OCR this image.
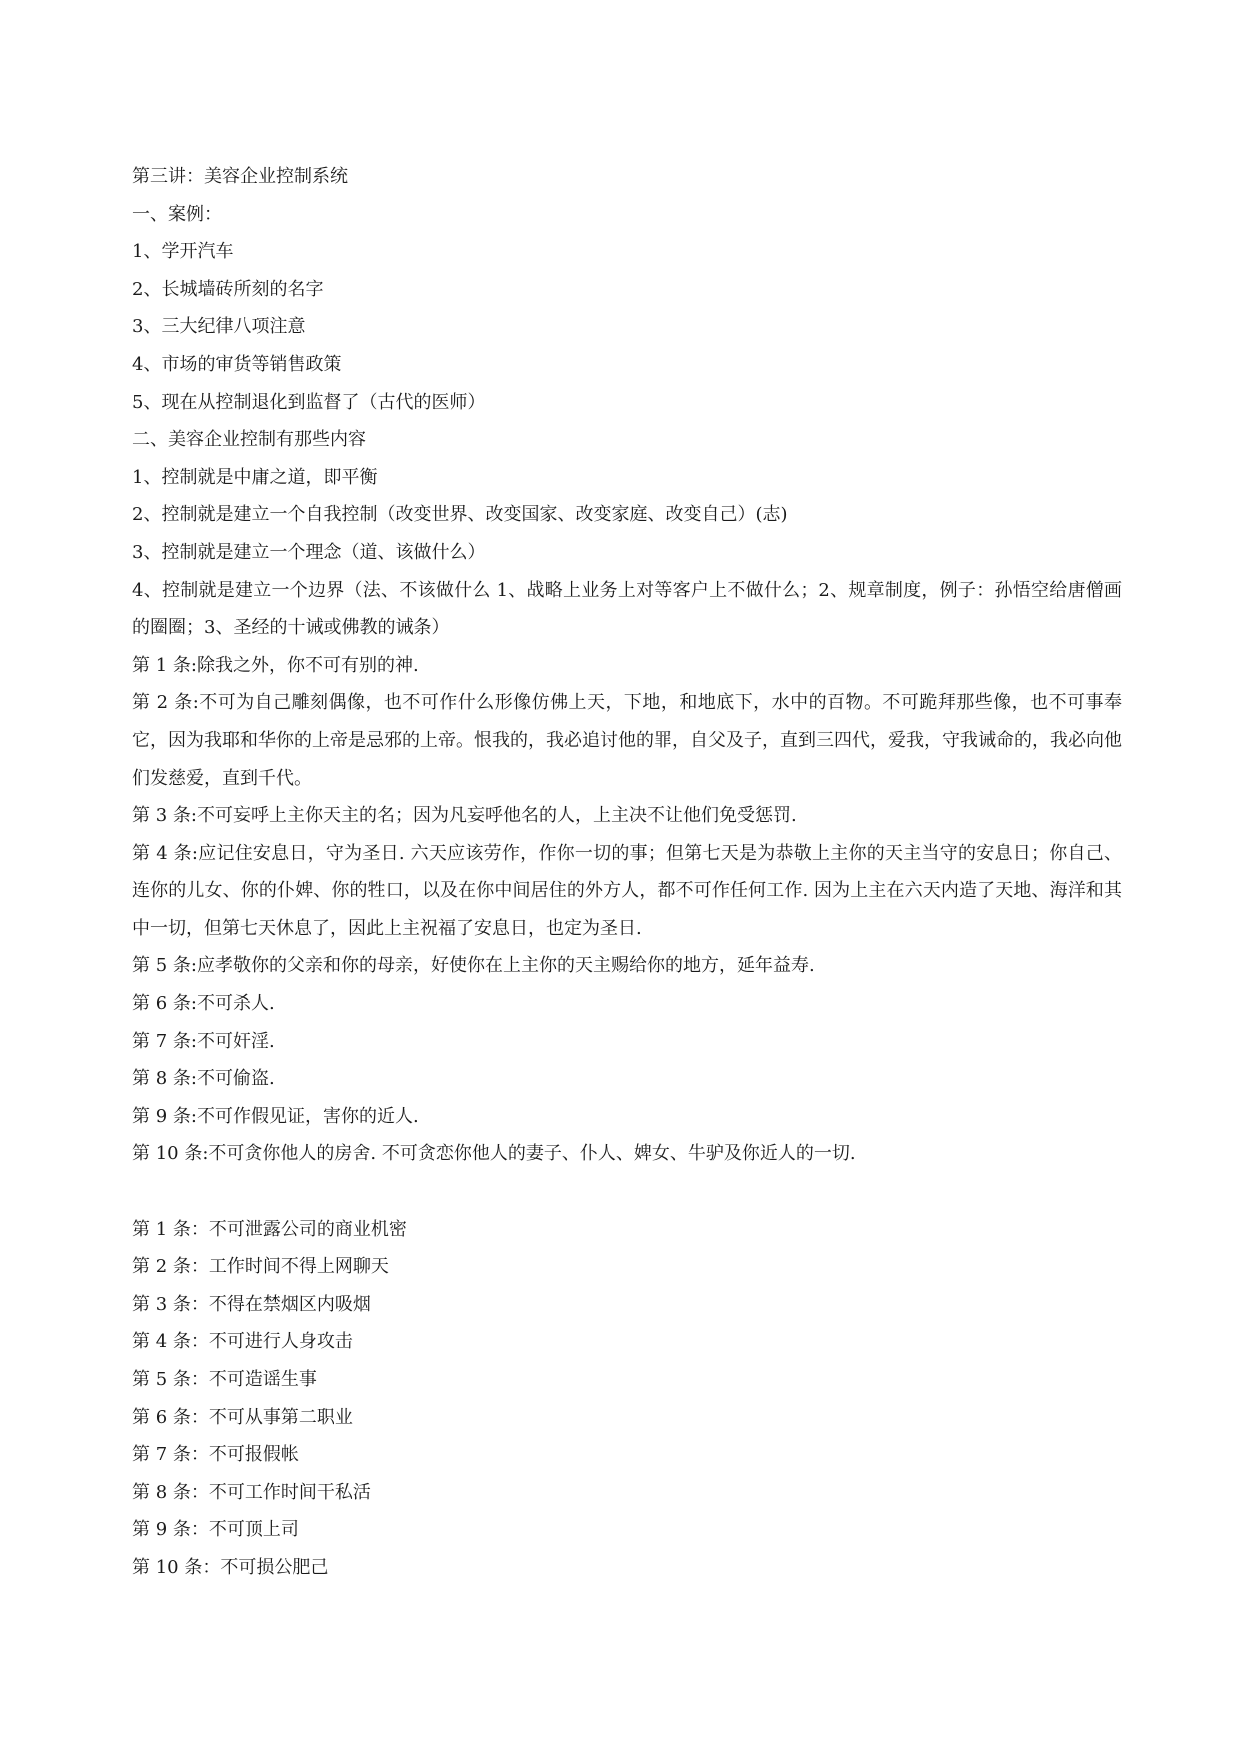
第三讲：美容企业控制系统
一、案例：
1、学开汽车
2、长城墙砖所刻的名字
3、三大纪律八项注意
4、市场的审货等销售政策
5、现在从控制退化到监督了（古代的医师）
二、美容企业控制有那些内容
1、控制就是中庸之道，即平衡
2、控制就是建立一个自我控制（改变世界、改变国家、改变家庭、改变自己）(志)
3、控制就是建立一个理念（道、该做什么）
4、控制就是建立一个边界（法、不该做什么 1、战略上业务上对等客户上不做什么；2、规章制度，例子：孙悟空给唐僧画的圈圈；3、圣经的十诫或佛教的诫条）
第 1 条:除我之外，你不可有别的神.
第 2 条:不可为自己雕刻偶像，也不可作什么形像仿佛上天，下地，和地底下，水中的百物。不可跪拜那些像，也不可事奉它，因为我耶和华你的上帝是忌邪的上帝。恨我的，我必追讨他的罪，自父及子，直到三四代，爱我，守我诫命的，我必向他们发慈爱，直到千代。
第 3 条:不可妄呼上主你天主的名；因为凡妄呼他名的人，上主决不让他们免受惩罚.
第 4 条:应记住安息日，守为圣日. 六天应该劳作，作你一切的事；但第七天是为恭敬上主你的天主当守的安息日；你自己、连你的儿女、你的仆婢、你的牲口，以及在你中间居住的外方人，都不可作任何工作. 因为上主在六天内造了天地、海洋和其中一切，但第七天休息了，因此上主祝福了安息日，也定为圣日.
第 5 条:应孝敬你的父亲和你的母亲，好使你在上主你的天主赐给你的地方，延年益寿.
第 6 条:不可杀人.
第 7 条:不可奸淫.
第 8 条:不可偷盗.
第 9 条:不可作假见证，害你的近人.
第 10 条:不可贪你他人的房舍. 不可贪恋你他人的妻子、仆人、婢女、牛驴及你近人的一切.
第 1 条：不可泄露公司的商业机密
第 2 条：工作时间不得上网聊天
第 3 条：不得在禁烟区内吸烟
第 4 条：不可进行人身攻击
第 5 条：不可造谣生事
第 6 条：不可从事第二职业
第 7 条：不可报假帐
第 8 条：不可工作时间干私活
第 9 条：不可顶上司
第 10 条：不可损公肥己
